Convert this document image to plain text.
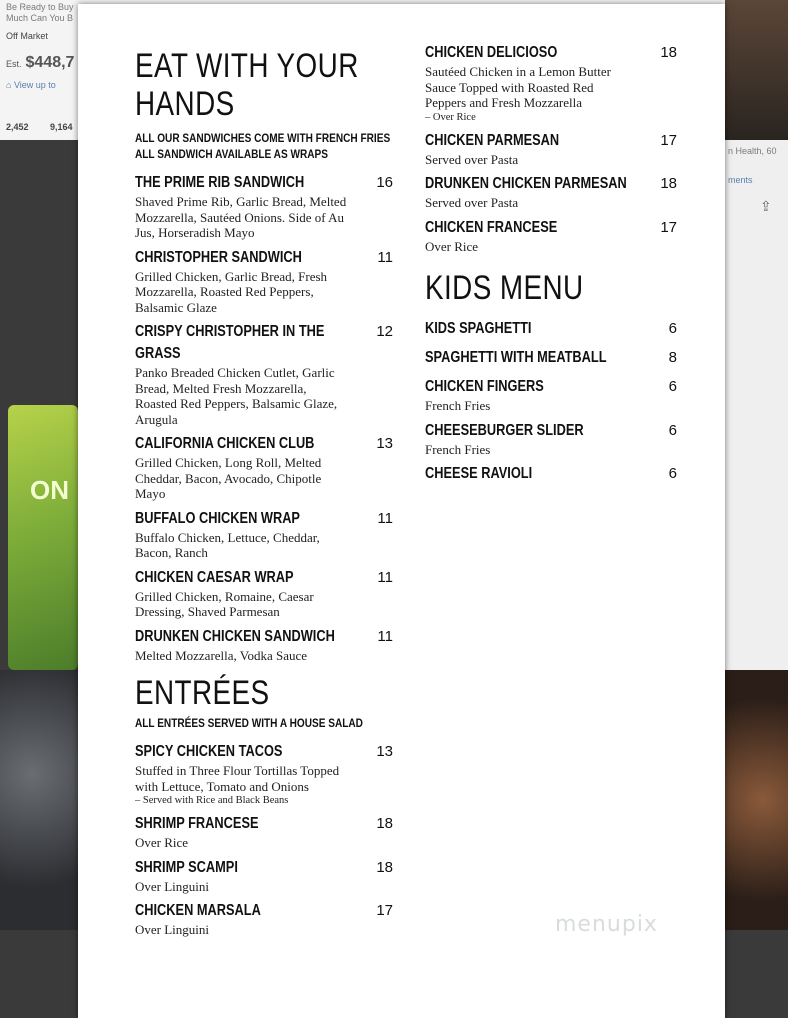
Be Ready to Buy
Much Can You B
Off Market
Est. $448,7
⌂ View up to
2,452 9,164
n Health, 60
ments
⇪
ON
EAT WITH YOUR
HANDS
ALL OUR SANDWICHES COME WITH FRENCH FRIES
ALL SANDWICH AVAILABLE AS WRAPS
THE PRIME RIB SANDWICH	16
Shaved Prime Rib, Garlic Bread, Melted Mozzarella, Sautéed Onions. Side of Au Jus, Horseradish Mayo
CHRISTOPHER SANDWICH	11
Grilled Chicken, Garlic Bread, Fresh Mozzarella, Roasted Red Peppers, Balsamic Glaze
CRISPY CHRISTOPHER IN THE GRASS
12
Panko Breaded Chicken Cutlet, Garlic Bread, Melted Fresh Mozzarella, Roasted Red Peppers, Balsamic Glaze, Arugula
CALIFORNIA CHICKEN CLUB	13
Grilled Chicken, Long Roll, Melted Cheddar, Bacon, Avocado, Chipotle Mayo
BUFFALO CHICKEN WRAP	11
Buffalo Chicken, Lettuce, Cheddar, Bacon, Ranch
CHICKEN CAESAR WRAP	11
Grilled Chicken, Romaine, Caesar Dressing, Shaved Parmesan
DRUNKEN CHICKEN SANDWICH	11
Melted Mozzarella, Vodka Sauce
ENTRÉES
ALL ENTRÉES SERVED WITH A HOUSE SALAD
SPICY CHICKEN TACOS	13
Stuffed in Three Flour Tortillas Topped with Lettuce, Tomato and Onions
– Served with Rice and Black Beans
SHRIMP FRANCESE	18
Over Rice
SHRIMP SCAMPI	18
Over Linguini
CHICKEN MARSALA	17
Over Linguini
CHICKEN DELICIOSO	18
Sautéed Chicken in a Lemon Butter Sauce Topped with Roasted Red Peppers and Fresh Mozzarella
– Over Rice
CHICKEN PARMESAN	17
Served over Pasta
DRUNKEN CHICKEN PARMESAN 18
Served over Pasta
CHICKEN FRANCESE	17
Over Rice
KIDS MENU
KIDS SPAGHETTI	6
SPAGHETTI WITH MEATBALL	8
CHICKEN FINGERS	6
French Fries
CHEESEBURGER SLIDER	6
French Fries
CHEESE RAVIOLI	6
menupix
